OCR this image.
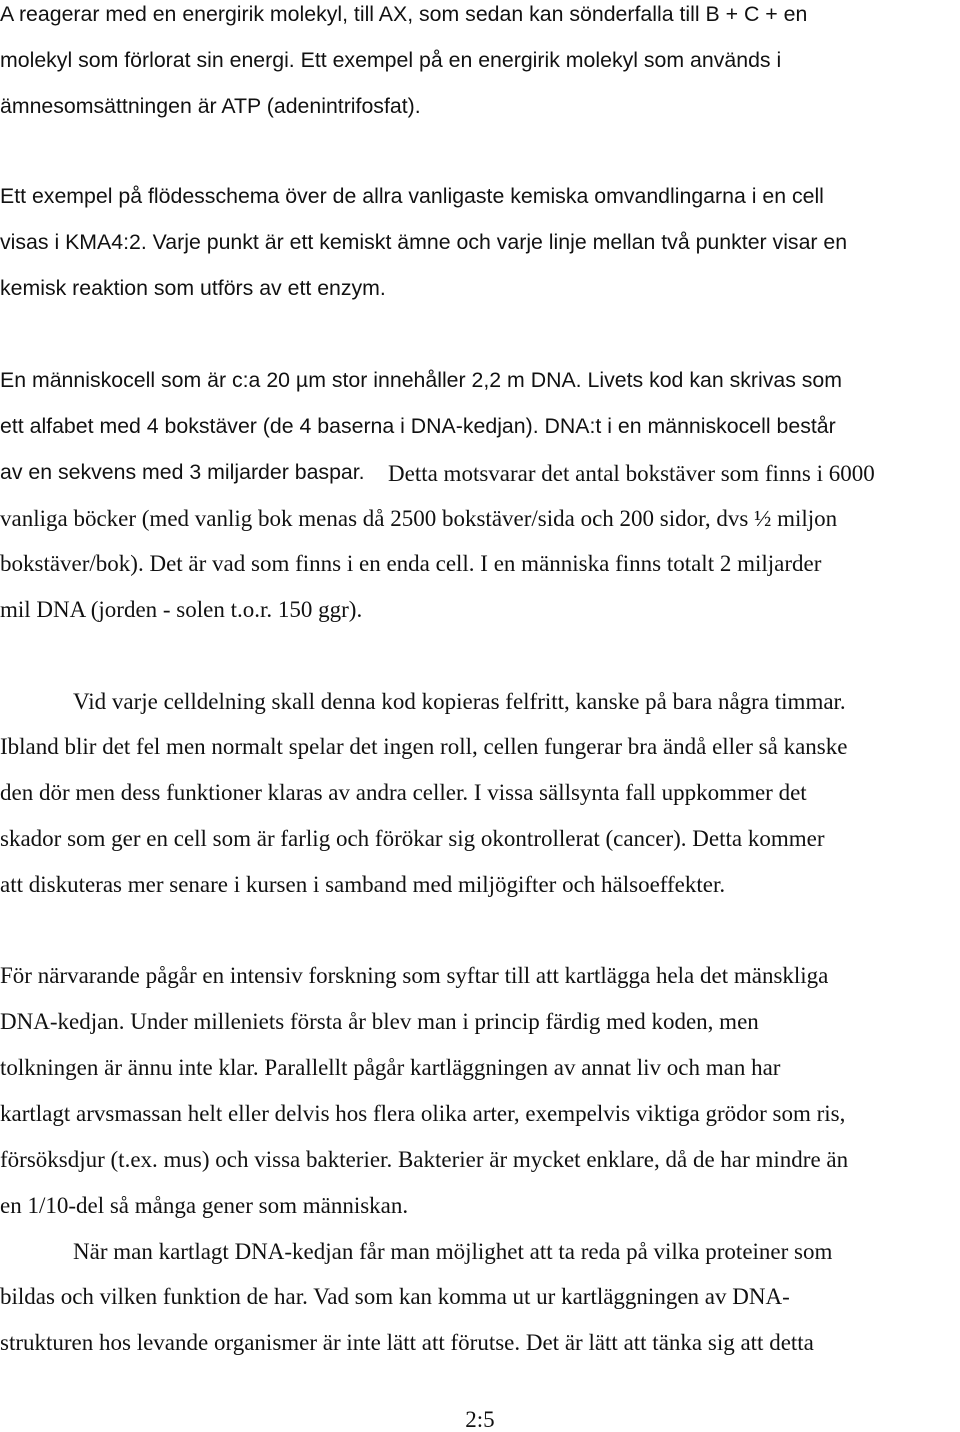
A reagerar med en energirik molekyl, till AX, som sedan kan sönderfalla till B + C + en

molekyl som förlorat sin energi. Ett exempel på en energirik molekyl som används i

ämnesomsättningen är ATP (adenintrifosfat).

Ett exempel på flödesschema över de allra vanligaste kemiska omvandlingarna i en cell

visas i KMA4:2. Varje punkt är ett kemiskt ämne och varje linje mellan två punkter visar en

kemisk reaktion som utförs av ett enzym.

En människocell som är c:a 20 µm stor innehåller 2,2 m DNA. Livets kod kan skrivas som

ett alfabet med 4 bokstäver (de 4 baserna i DNA-kedjan). DNA:t i en människocell består

av en sekvens med 3 miljarder baspar. Detta motsvarar det antal bokstäver som finns i 6000

vanliga böcker (med vanlig bok menas då 2500 bokstäver/sida och 200 sidor, dvs ½ miljon

bokstäver/bok). Det är vad som finns i en enda cell. I en människa finns totalt 2 miljarder

mil DNA (jorden - solen t.o.r. 150 ggr).

Vid varje celldelning skall denna kod kopieras felfritt, kanske på bara några timmar.

Ibland blir det fel men normalt spelar det ingen roll, cellen fungerar bra ändå eller så kanske

den dör men dess funktioner klaras av andra celler. I vissa sällsynta fall uppkommer det

skador som ger en cell som är farlig och förökar sig okontrollerat (cancer). Detta kommer

att diskuteras mer senare i kursen i samband med miljögifter och hälsoeffekter.

För närvarande pågår en intensiv forskning som syftar till att kartlägga hela det mänskliga

DNA-kedjan. Under milleniets första år blev man i princip färdig med koden, men

tolkningen är ännu inte klar. Parallellt pågår kartläggningen av annat liv och man har

kartlagt arvsmassan helt eller delvis hos flera olika arter, exempelvis viktiga grödor som ris,

försöksdjur (t.ex. mus) och vissa bakterier. Bakterier är mycket enklare, då de har mindre än

en 1/10-del så många gener som människan.

När man kartlagt DNA-kedjan får man möjlighet att ta reda på vilka proteiner som

bildas och vilken funktion de har. Vad som kan komma ut ur kartläggningen av DNA-

strukturen hos levande organismer är inte lätt att förutse. Det är lätt att tänka sig att detta

2:5
